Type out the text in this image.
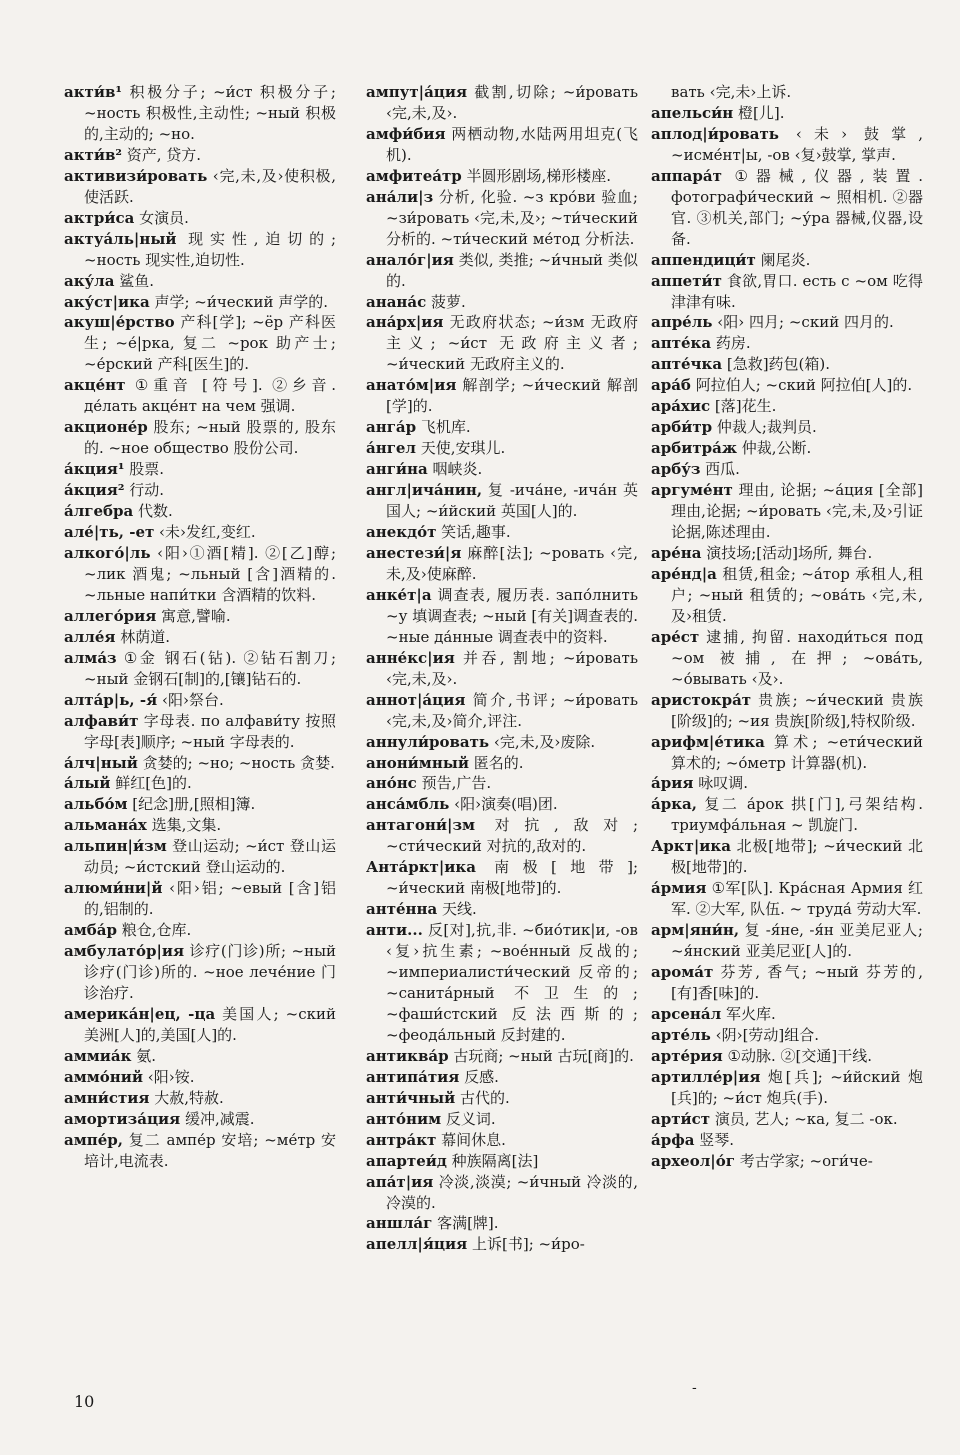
акти́в¹ 积极分子; ~и́ст 积极分子; ~ность 积极性,主动性; ~ный 积极的,主动的; ~но.

акти́в² 资产, 贷方.

активизи́ровать ‹完,未,及›使积极,使活跃.

актри́са 女演员.

актуа́ль|ный 现实性,迫切的; ~ность 现实性,迫切性.

аку́ла 鲨鱼.

аку́ст|ика 声学; ~и́ческий 声学的.

акуш|е́рство 产科[学]; ~ёр 产科医生; ~е́|рка, 复二 ~рок 助产士; ~е́рский 产科[医生]的.

акце́нт ①重音 [符号]. ②乡音. де́лать акце́нт на чем 强调.

акционе́р 股东; ~ный 股票的, 股东的. ~ное общество 股份公司.

а́кция¹ 股票.

а́кция² 行动.

а́лгебра 代数.

але́|ть, -ет ‹未›发红,变红.

алкого́|ль ‹阳›①酒[精]. ②[乙]醇; ~лик 酒鬼; ~льный [含]酒精的. ~льные напи́тки 含酒精的饮料.

аллего́рия 寓意,譬喻.

алле́я 林荫道.

алма́з ①金 钢石(钻). ②钻石割刀; ~ный 金钢石[制]的,[镶]钻石的.

алта́р|ь, -я́ ‹阳›祭台.

алфави́т 字母表. по алфави́ту 按照字母[表]顺序; ~ный 字母表的.

а́лч|ный 贪婪的; ~но; ~ность 贪婪.

а́лый 鲜红[色]的.

альбо́м [纪念]册,[照相]簿.

альмана́х 选集,文集.

альпин|и́зм 登山运动; ~и́ст 登山运动员; ~и́стский 登山运动的.

алюми́ни|й ‹阳›铝; ~евый [含]铝的,铝制的.

амба́р 粮仓,仓库.

амбулато́р|ия 诊疗(门诊)所; ~ный 诊疗(门诊)所的. ~ное лече́ние 门诊治疗.

америка́н|ец, -ца 美国人; ~ский 美洲[人]的,美国[人]的.

аммиа́к 氨.

аммо́ний ‹阳›铵.

амни́стия 大赦,特赦.

амортиза́ция 缓冲,减震.

ампе́р, 复二 ампе́р 安培; ~ме́тр 安培计,电流表.

ампут|а́ция 截割,切除; ~и́ровать ‹完,未,及›.

амфи́бия 两栖动物,水陆两用坦克(飞机).

амфитеа́тр 半圆形剧场,梯形楼座.

ана́ли|з 分析, 化验. ~з кро́ви 验血; ~зи́ровать ‹完,未,及›; ~ти́ческий 分析的. ~ти́ческий ме́тод 分析法.

анало́г|ия 类似, 类推; ~и́чный 类似的.

анана́с 菠萝.

ана́рх|ия 无政府状态; ~и́зм 无政府主义; ~и́ст 无政府主义者; ~и́ческий 无政府主义的.

анато́м|ия 解剖学; ~и́ческий 解剖[学]的.

анга́р 飞机库.

а́нгел 天使,安琪儿.

анги́на 咽峡炎.

англ|ича́нин, 复 -ича́не, -ича́н 英国人; ~и́йский 英国[人]的.

анекдо́т 笑话,趣事.

анестези́|я 麻醉[法]; ~ровать ‹完,未,及›使麻醉.

анке́т|а 调查表, 履历表. запо́лнить ~у 填调查表; ~ный [有关]调查表的. ~ные да́нные 调查表中的资料.

анне́кс|ия 并吞, 割地; ~и́ровать ‹完,未,及›.

аннот|а́ция 简介,书评; ~и́ровать ‹完,未,及›简介,评注.

аннули́ровать ‹完,未,及›废除.

анони́мный 匿名的.

ано́нс 预告,广告.

анса́мбль ‹阳›演奏(唱)团.

антагони́|зм 对抗,敌对; ~сти́ческий 对抗的,敌对的.

Анта́ркт|ика 南极[地带]; ~и́ческий 南极[地带]的.

анте́нна 天线.

анти... 反[对],抗,非. ~био́тик|и, -ов ‹复›抗生素; ~вое́нный 反战的; ~империалисти́ческий 反帝的; ~санита́рный 不卫生的; ~фаши́стский 反法西斯的; ~феода́льный 反封建的.

антиква́р 古玩商; ~ный 古玩[商]的.

антипа́тия 反感.

анти́чный 古代的.

анто́ним 反义词.

антра́кт 幕间休息.

апартеи́д 种族隔离[法]

апа́т|ия 冷淡,淡漠; ~и́чный 冷淡的,冷漠的.

аншла́г 客满[牌].

апелл|я́ция 上诉[书]; ~и́ро-

вать ‹完,未›上诉.

апельси́н 橙[儿].

аплод|и́ровать ‹未› 鼓掌, ~исме́нт|ы, -ов ‹复›鼓掌, 掌声.

аппара́т ①器械,仪器,装置. фотографи́ческий ~ 照相机. ②器官. ③机关,部门; ~у́ра 器械,仪器,设备.

аппендици́т 阑尾炎.

аппети́т 食欲,胃口. есть с ~ом 吃得津津有味.

апре́ль ‹阳› 四月; ~ский 四月的.

апте́ка 药房.

апте́чка [急救]药包(箱).

ара́б 阿拉伯人; ~ский 阿拉伯[人]的.

ара́хис [落]花生.

арби́тр 仲裁人;裁判员.

арбитра́ж 仲裁,公断.

арбу́з 西瓜.

аргуме́нт 理由, 论据; ~а́ция [全部]理由,论据; ~и́ровать ‹完,未,及›引证论据,陈述理由.

аре́на 演技场;[活动]场所, 舞台.

аре́нд|а 租赁,租金; ~а́тор 承租人,租户; ~ный 租赁的; ~ова́ть ‹完,未,及›租赁.

аре́ст 逮捕, 拘留. находи́ться под ~ом 被捕, 在押; ~ова́ть, ~о́вывать ‹及›.

аристокра́т 贵族; ~и́ческий 贵族[阶级]的; ~ия 贵族[阶级],特权阶级.

арифм|е́тика 算术; ~ети́ческий 算术的; ~о́метр 计算器(机).

а́рия 咏叹调.

а́рка, 复二 а́рок 拱[门],弓架结构. триумфа́льная ~ 凯旋门.

Аркт|ика 北极[地带]; ~и́ческий 北极[地带]的.

а́рмия ①军[队]. Кра́сная Армия 红军. ②大军, 队伍. ~ труда́ 劳动大军.

арм|яни́н, 复 -я́не, -я́н 亚美尼亚人; ~я́нский 亚美尼亚[人]的.

арома́т 芬芳, 香气; ~ный 芬芳的,[有]香[味]的.

арсена́л 军火库.

арте́ль ‹阴›[劳动]组合.

арте́рия ①动脉. ②[交通]干线.

артилле́р|ия 炮[兵]; ~и́йский 炮[兵]的; ~и́ст 炮兵(手).

арти́ст 演员, 艺人; ~ка, 复二 -ок.

а́рфа 竖琴.

археол|о́г 考古学家; ~оги́че-

10
-
